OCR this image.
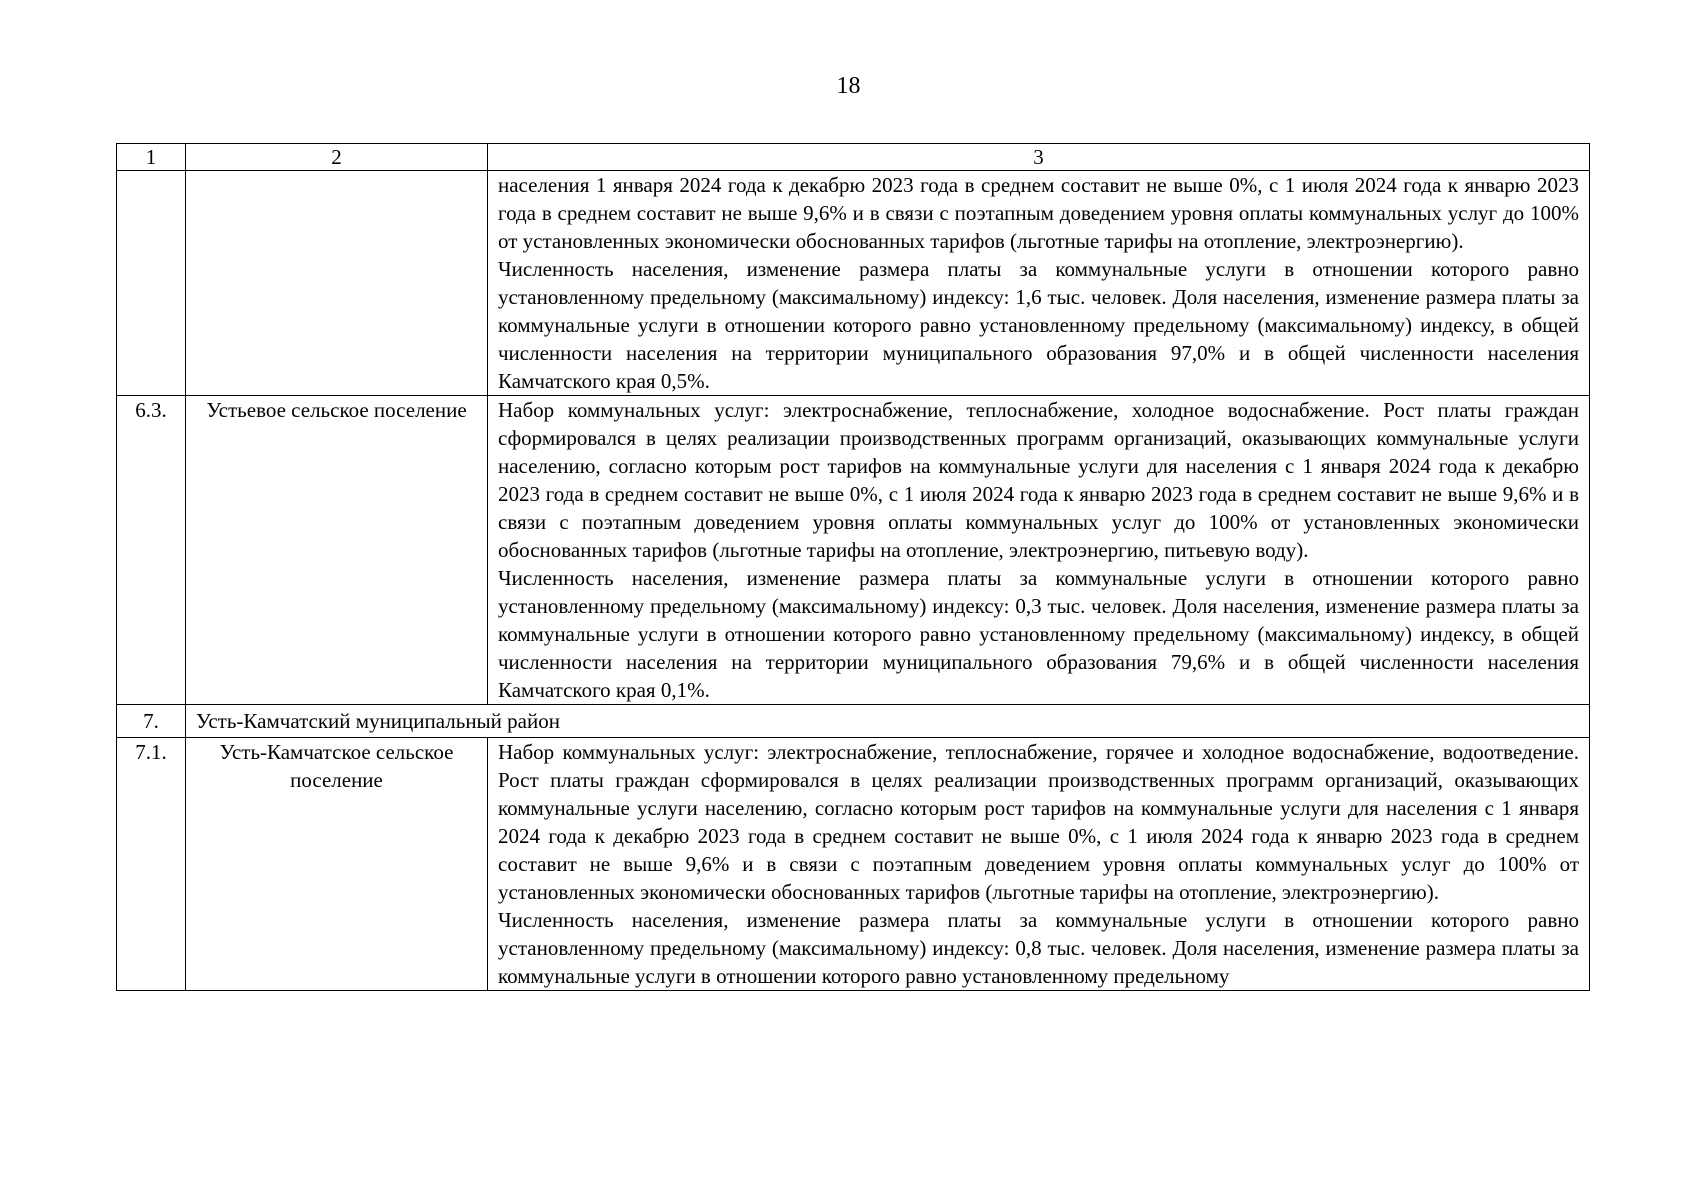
18
1	2	3

		населения 1 января 2024 года к декабрю 2023 года в среднем составит не выше 0%, с 1 июля 2024 года к январю 2023 года в среднем составит не выше 9,6% и в связи с поэтапным доведением уровня оплаты коммунальных услуг до 100% от установленных экономически обоснованных тарифов (льготные тарифы на отопление, электроэнергию).

Численность населения, изменение размера платы за коммунальные услуги в отношении которого равно установленному предельному (максимальному) индексу: 1,6 тыс. человек. Доля населения, изменение размера платы за коммунальные услуги в отношении которого равно установленному предельному (максимальному) индексу, в общей численности населения на территории муниципального образования 97,0% и в общей численности населения Камчатского края 0,5%.

6.3.	Устьевое сельское поселение	Набор коммунальных услуг: электроснабжение, теплоснабжение, холодное водоснабжение. Рост платы граждан сформировался в целях реализации производственных программ организаций, оказывающих коммунальные услуги населению, согласно которым рост тарифов на коммунальные услуги для населения с 1 января 2024 года к декабрю 2023 года в среднем составит не выше 0%, с 1 июля 2024 года к январю 2023 года в среднем составит не выше 9,6% и в связи с поэтапным доведением уровня оплаты коммунальных услуг до 100% от установленных экономически обоснованных тарифов (льготные тарифы на отопление, электроэнергию, питьевую воду).

Численность населения, изменение размера платы за коммунальные услуги в отношении которого равно установленному предельному (максимальному) индексу: 0,3 тыс. человек. Доля населения, изменение размера платы за коммунальные услуги в отношении которого равно установленному предельному (максимальному) индексу, в общей численности населения на территории муниципального образования 79,6% и в общей численности населения Камчатского края 0,1%.

7.	Усть-Камчатский муниципальный район	
7.1.	Усть-Камчатское сельское поселение	Набор коммунальных услуг: электроснабжение, теплоснабжение, горячее и холодное водоснабжение, водоотведение. Рост платы граждан сформировался в целях реализации производственных программ организаций, оказывающих коммунальные услуги населению, согласно которым рост тарифов на коммунальные услуги для населения с 1 января 2024 года к декабрю 2023 года в среднем составит не выше 0%, с 1 июля 2024 года к январю 2023 года в среднем составит не выше 9,6% и в связи с поэтапным доведением уровня оплаты коммунальных услуг до 100% от установленных экономически обоснованных тарифов (льготные тарифы на отопление, электроэнергию).

Численность населения, изменение размера платы за коммунальные услуги в отношении которого равно установленному предельному (максимальному) индексу: 0,8 тыс. человек. Доля населения, изменение размера платы за коммунальные услуги в отношении которого равно установленному предельному
